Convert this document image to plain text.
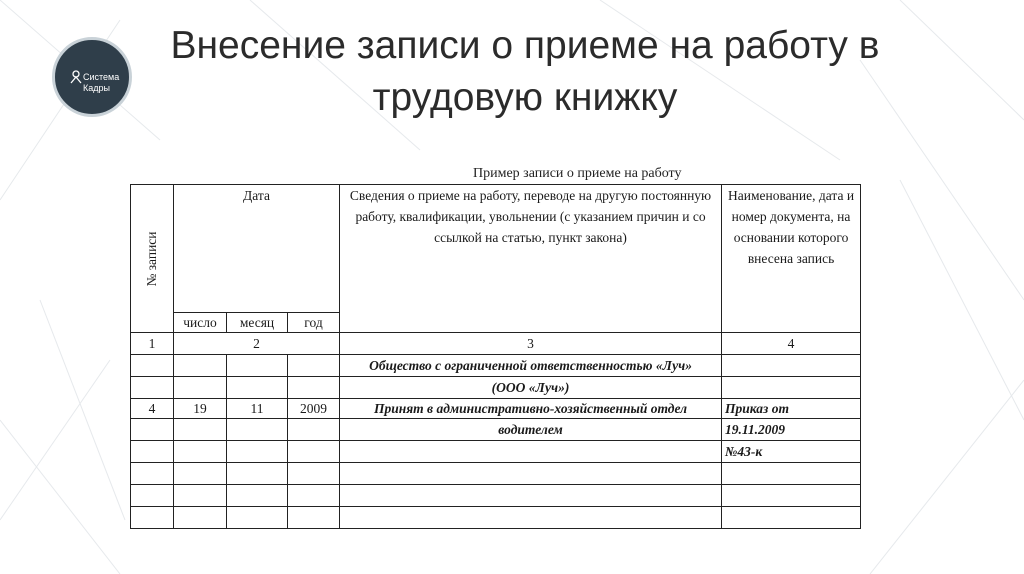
Система
Кадры
Внесение записи о приеме на работу в трудовую книжку
Пример записи о приеме на работу
№ записи	Дата			Сведения о приеме на работу, переводе на другую постоянную работу, квалификации, увольнении (с указанием причин и со ссылкой на статью, пункт закона)	Наименование, дата и номер документа, на основании которого внесена запись
	число	месяц	год		
1	2			3	4
				Общество с ограниченной ответственностью «Луч»	
				(ООО «Луч»)	
4	19	11	2009	Принят в административно-хозяйственный отдел	Приказ от
				водителем	19.11.2009
					№43-к
